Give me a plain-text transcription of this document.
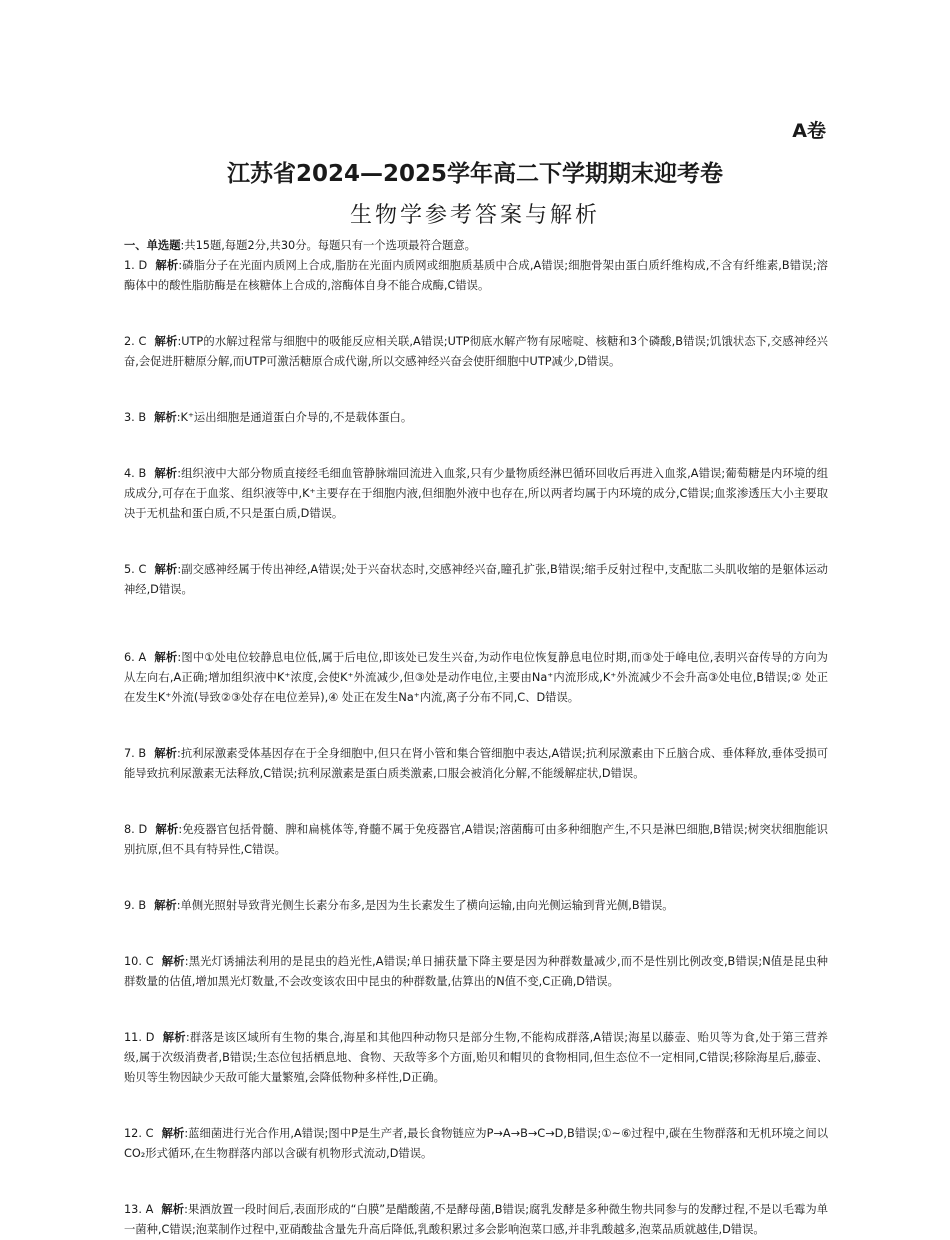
A卷
江苏省2024—2025学年高二下学期期末迎考卷
生物学参考答案与解析

一、单选题:共15题,每题2分,共30分。每题只有一个选项最符合题意。

1. D 解析:磷脂分子在光面内质网上合成,脂肪在光面内质网或细胞质基质中合成,A错误;细胞骨架由蛋白质纤维构成,不含有纤维素,B错误;溶酶体中的酸性脂肪酶是在核糖体上合成的,溶酶体自身不能合成酶,C错误。

2. C 解析:UTP的水解过程常与细胞中的吸能反应相关联,A错误;UTP彻底水解产物有尿嘧啶、核糖和3个磷酸,B错误;饥饿状态下,交感神经兴奋,会促进肝糖原分解,而UTP可激活糖原合成代谢,所以交感神经兴奋会使肝细胞中UTP减少,D错误。

3. B 解析:K⁺运出细胞是通道蛋白介导的,不是载体蛋白。

4. B 解析:组织液中大部分物质直接经毛细血管静脉端回流进入血浆,只有少量物质经淋巴循环回收后再进入血浆,A错误;葡萄糖是内环境的组成成分,可存在于血浆、组织液等中,K⁺主要存在于细胞内液,但细胞外液中也存在,所以两者均属于内环境的成分,C错误;血浆渗透压大小主要取决于无机盐和蛋白质,不只是蛋白质,D错误。

5. C 解析:副交感神经属于传出神经,A错误;处于兴奋状态时,交感神经兴奋,瞳孔扩张,B错误;缩手反射过程中,支配肱二头肌收缩的是躯体运动神经,D错误。

6. A 解析:图中①处电位较静息电位低,属于后电位,即该处已发生兴奋,为动作电位恢复静息电位时期,而③处于峰电位,表明兴奋传导的方向为从左向右,A正确;增加组织液中K⁺浓度,会使K⁺外流减少,但③处是动作电位,主要由Na⁺内流形成,K⁺外流减少不会升高③处电位,B错误;② 处正在发生K⁺外流(导致②③处存在电位差异),④ 处正在发生Na⁺内流,离子分布不同,C、D错误。

7. B 解析:抗利尿激素受体基因存在于全身细胞中,但只在肾小管和集合管细胞中表达,A错误;抗利尿激素由下丘脑合成、垂体释放,垂体受损可能导致抗利尿激素无法释放,C错误;抗利尿激素是蛋白质类激素,口服会被消化分解,不能缓解症状,D错误。

8. D 解析:免疫器官包括骨髓、脾和扁桃体等,脊髓不属于免疫器官,A错误;溶菌酶可由多种细胞产生,不只是淋巴细胞,B错误;树突状细胞能识别抗原,但不具有特异性,C错误。

9. B 解析:单侧光照射导致背光侧生长素分布多,是因为生长素发生了横向运输,由向光侧运输到背光侧,B错误。

10. C 解析:黑光灯诱捕法利用的是昆虫的趋光性,A错误;单日捕获量下降主要是因为种群数量减少,而不是性别比例改变,B错误;N值是昆虫种群数量的估值,增加黑光灯数量,不会改变该农田中昆虫的种群数量,估算出的N值不变,C正确,D错误。

11. D 解析:群落是该区域所有生物的集合,海星和其他四种动物只是部分生物,不能构成群落,A错误;海星以藤壶、贻贝等为食,处于第三营养级,属于次级消费者,B错误;生态位包括栖息地、食物、天敌等多个方面,贻贝和帽贝的食物相同,但生态位不一定相同,C错误;移除海星后,藤壶、贻贝等生物因缺少天敌可能大量繁殖,会降低物种多样性,D正确。

12. C 解析:蓝细菌进行光合作用,A错误;图中P是生产者,最长食物链应为P→A→B→C→D,B错误;①~⑥过程中,碳在生物群落和无机环境之间以CO₂形式循环,在生物群落内部以含碳有机物形式流动,D错误。

13. A 解析:果酒放置一段时间后,表面形成的“白膜”是醋酸菌,不是酵母菌,B错误;腐乳发酵是多种微生物共同参与的发酵过程,不是以毛霉为单一菌种,C错误;泡菜制作过程中,亚硝酸盐含量先升高后降低,乳酸积累过多会影响泡菜口感,并非乳酸越多,泡菜品质就越佳,D错误。
